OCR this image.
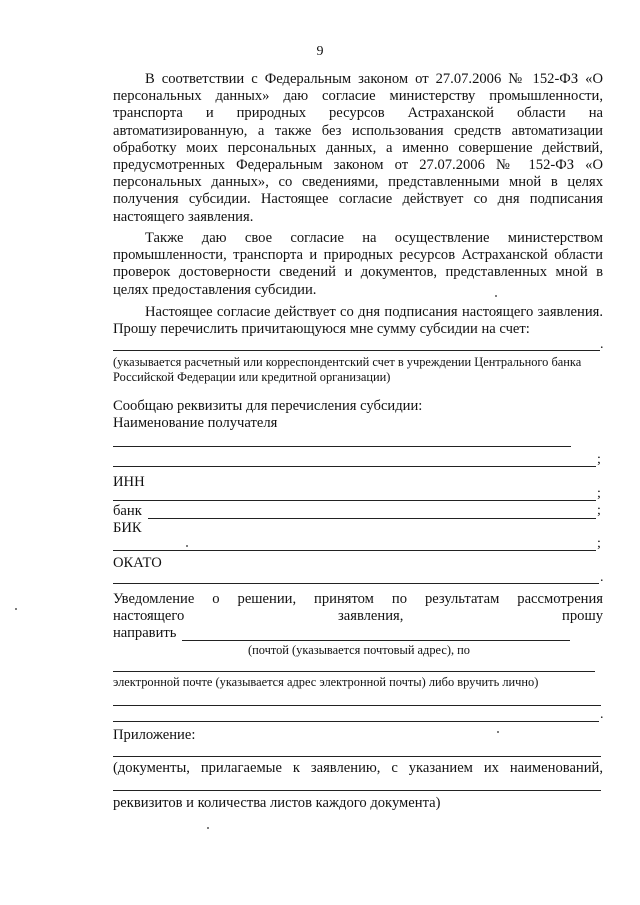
9
В соответствии с Федеральным законом от 27.07.2006 № 152-ФЗ «О персональных данных» даю согласие министерству промышленности, транспорта и природных ресурсов Астраханской области на автоматизированную, а также без использования средств автоматизации обработку моих персональных данных, а именно совершение действий, предусмотренных Федеральным законом от 27.07.2006 № 152-ФЗ «О персональных данных», со сведениями, представленными мной в целях получения субсидии. Настоящее согласие действует со дня подписания настоящего заявления.
Также даю свое согласие на осуществление министерством промышленности, транспорта и природных ресурсов Астраханской области проверок достоверности сведений и документов, представленных мной в целях предоставления субсидии.
Настоящее согласие действует со дня подписания настоящего заявления. Прошу перечислить причитающуюся мне сумму субсидии на счет:
.
(указывается расчетный или корреспондентский счет в учреждении Центрального банка Российской Федерации или кредитной организации)
Сообщаю реквизиты для перечисления субсидии:
Наименование получателя
;
ИНН
;
банк	;
БИК
;
ОКАТО
.
Уведомление о решении, принятом по результатам рассмотрения
настоящего	заявления,	прошу
направить
(почтой (указывается почтовый адрес), по
электронной почте (указывается адрес электронной почты) либо вручить лично)
.
Приложение:
(документы, прилагаемые к заявлению, с указанием их наименований,
реквизитов и количества листов каждого документа)
